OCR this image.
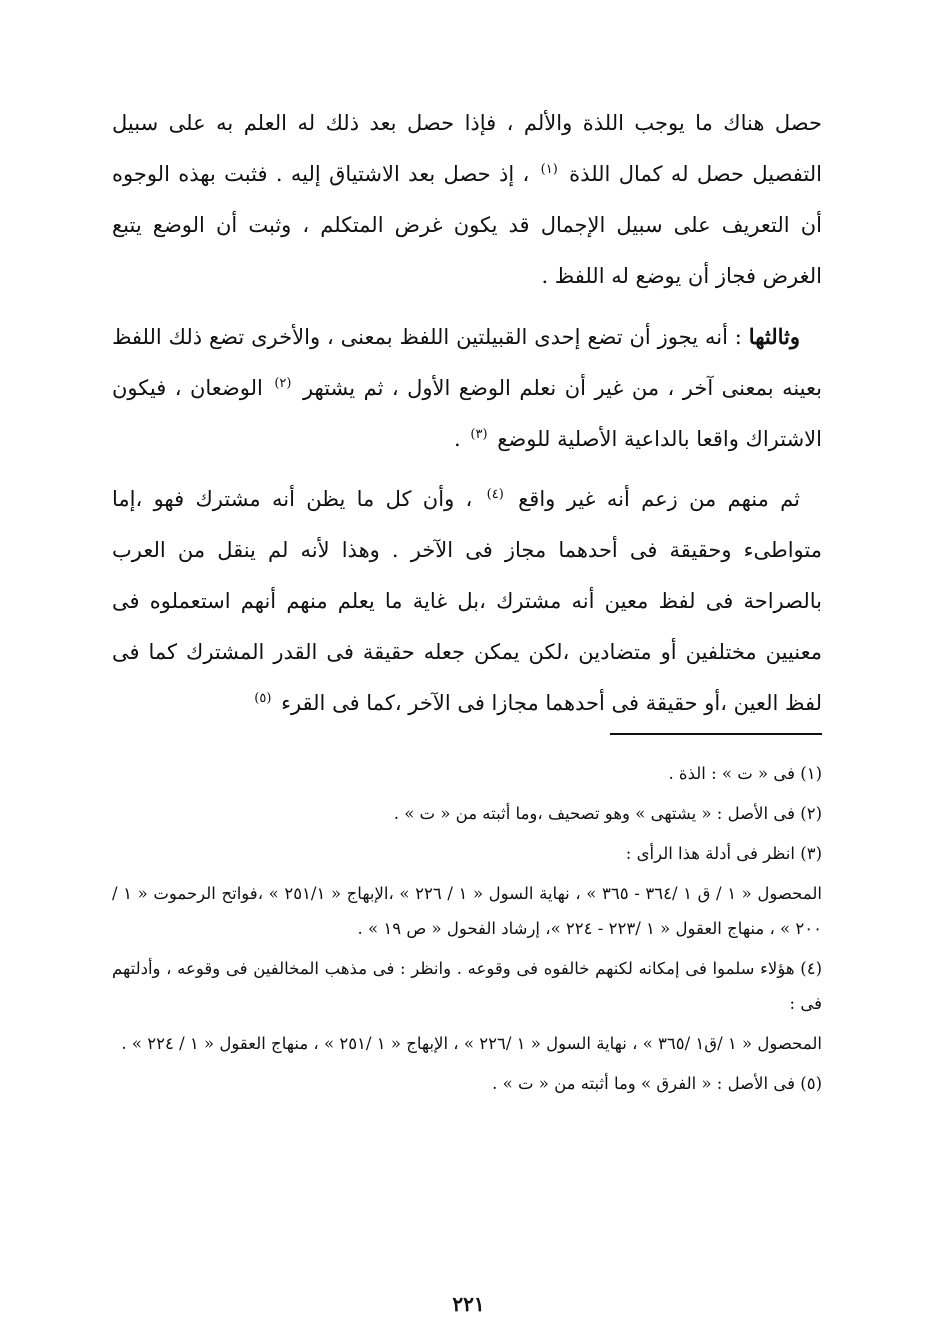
حصل هناك ما يوجب اللذة والألم ، فإذا حصل بعد ذلك له العلم به على سبيل التفصيل حصل له كمال اللذة $^{(١)}$ ، إذ حصل بعد الاشتياق إليه . فثبت بهذه الوجوه أن التعريف على سبيل الإجمال قد يكون غرض المتكلم ، وثبت أن الوضع يتبع الغرض فجاز أن يوضع له اللفظ .

وثالثها : أنه يجوز أن تضع إحدى القبيلتين اللفظ بمعنى ، والأخرى تضع ذلك اللفظ بعينه بمعنى آخر ، من غير أن نعلم الوضع الأول ، ثم يشتهر $^{(٢)}$ الوضعان ، فيكون الاشتراك واقعا بالداعية الأصلية للوضع $^{(٣)}$ .

ثم منهم من زعم أنه غير واقع $^{(٤)}$ ، وأن كل ما يظن أنه مشترك فهو ،إما متواطىء وحقيقة فى أحدهما مجاز فى الآخر . وهذا لأنه لم ينقل من العرب بالصراحة فى لفظ معين أنه مشترك ،بل غاية ما يعلم منهم أنهم استعملوه فى معنيين مختلفين أو متضادين ،لكن يمكن جعله حقيقة فى القدر المشترك كما فى لفظ العين ،أو حقيقة فى أحدهما مجازا فى الآخر ،كما فى القرء $^{(٥)}$

(١) فى « ت » : الذة .

(٢) فى الأصل : « يشتهى » وهو تصحيف ،وما أثبته من « ت » .

(٣) انظر فى أدلة هذا الرأى :

المحصول « ١ / ق ١ /٣٦٤ - ٣٦٥ » ، نهاية السول « ١ / ٢٢٦ » ،الإبهاج « ٢٥١/١ » ،فواتح الرحموت « ١ / ٢٠٠ » ، منهاج العقول « ١ /٢٢٣ - ٢٢٤ »، إرشاد الفحول « ص ١٩ » .

(٤) هؤلاء سلموا فى إمكانه لكنهم خالفوه فى وقوعه . وانظر : فى مذهب المخالفين فى وقوعه ، وأدلتهم فى :

المحصول « ١ /ق١ /٣٦٥ » ، نهاية السول « ١ /٢٢٦ » ، الإبهاج « ١ /٢٥١ » ، منهاج العقول « ١ / ٢٢٤ » .

(٥) فى الأصل : « الفرق » وما أثبته من « ت » .

٢٢١
